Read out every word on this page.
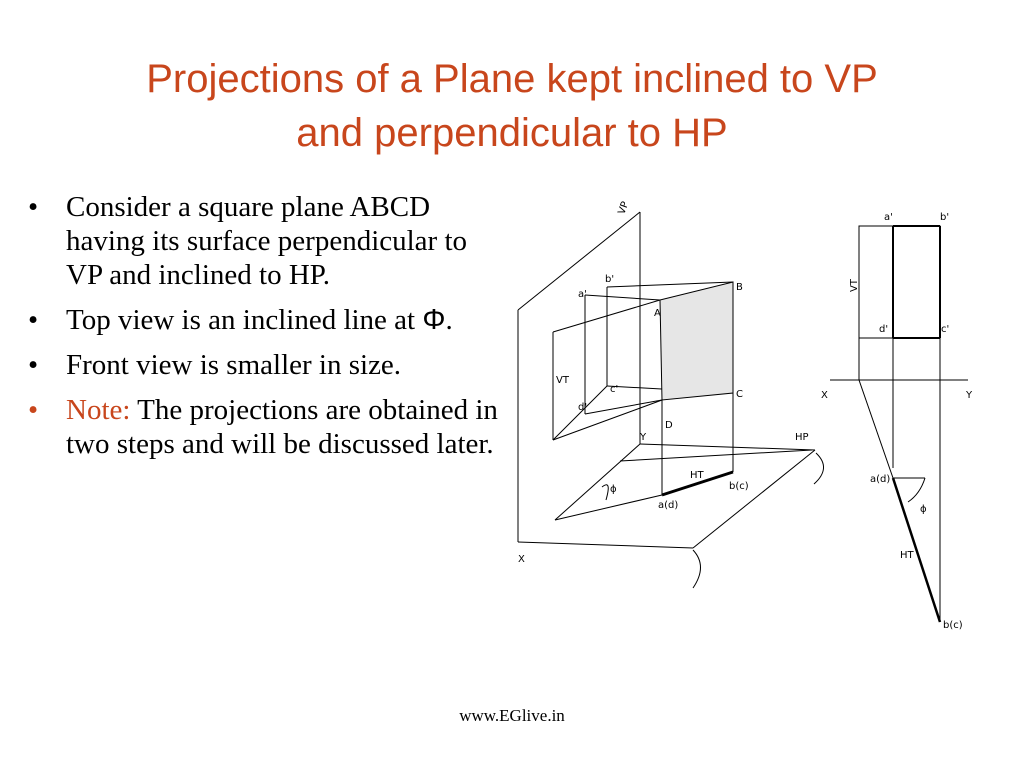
Projections of a Plane kept inclined to VP
and perpendicular to HP
• Consider a square plane ABCD having its surface perpendicular to VP and inclined to HP.
• Top view is an inclined line at Φ.
• Front view is smaller in size.
• Note: The projections are obtained in two steps and will be discussed later.
VP
b'
a'
B
A
VT
c'
d'
C
D
Y	HP
HT
ϕ	b(c)
a(d)
X
a'	b'
VT
d'	c'
X	Y
a(d)
ϕ
HT
b(c)
www.EGlive.in
